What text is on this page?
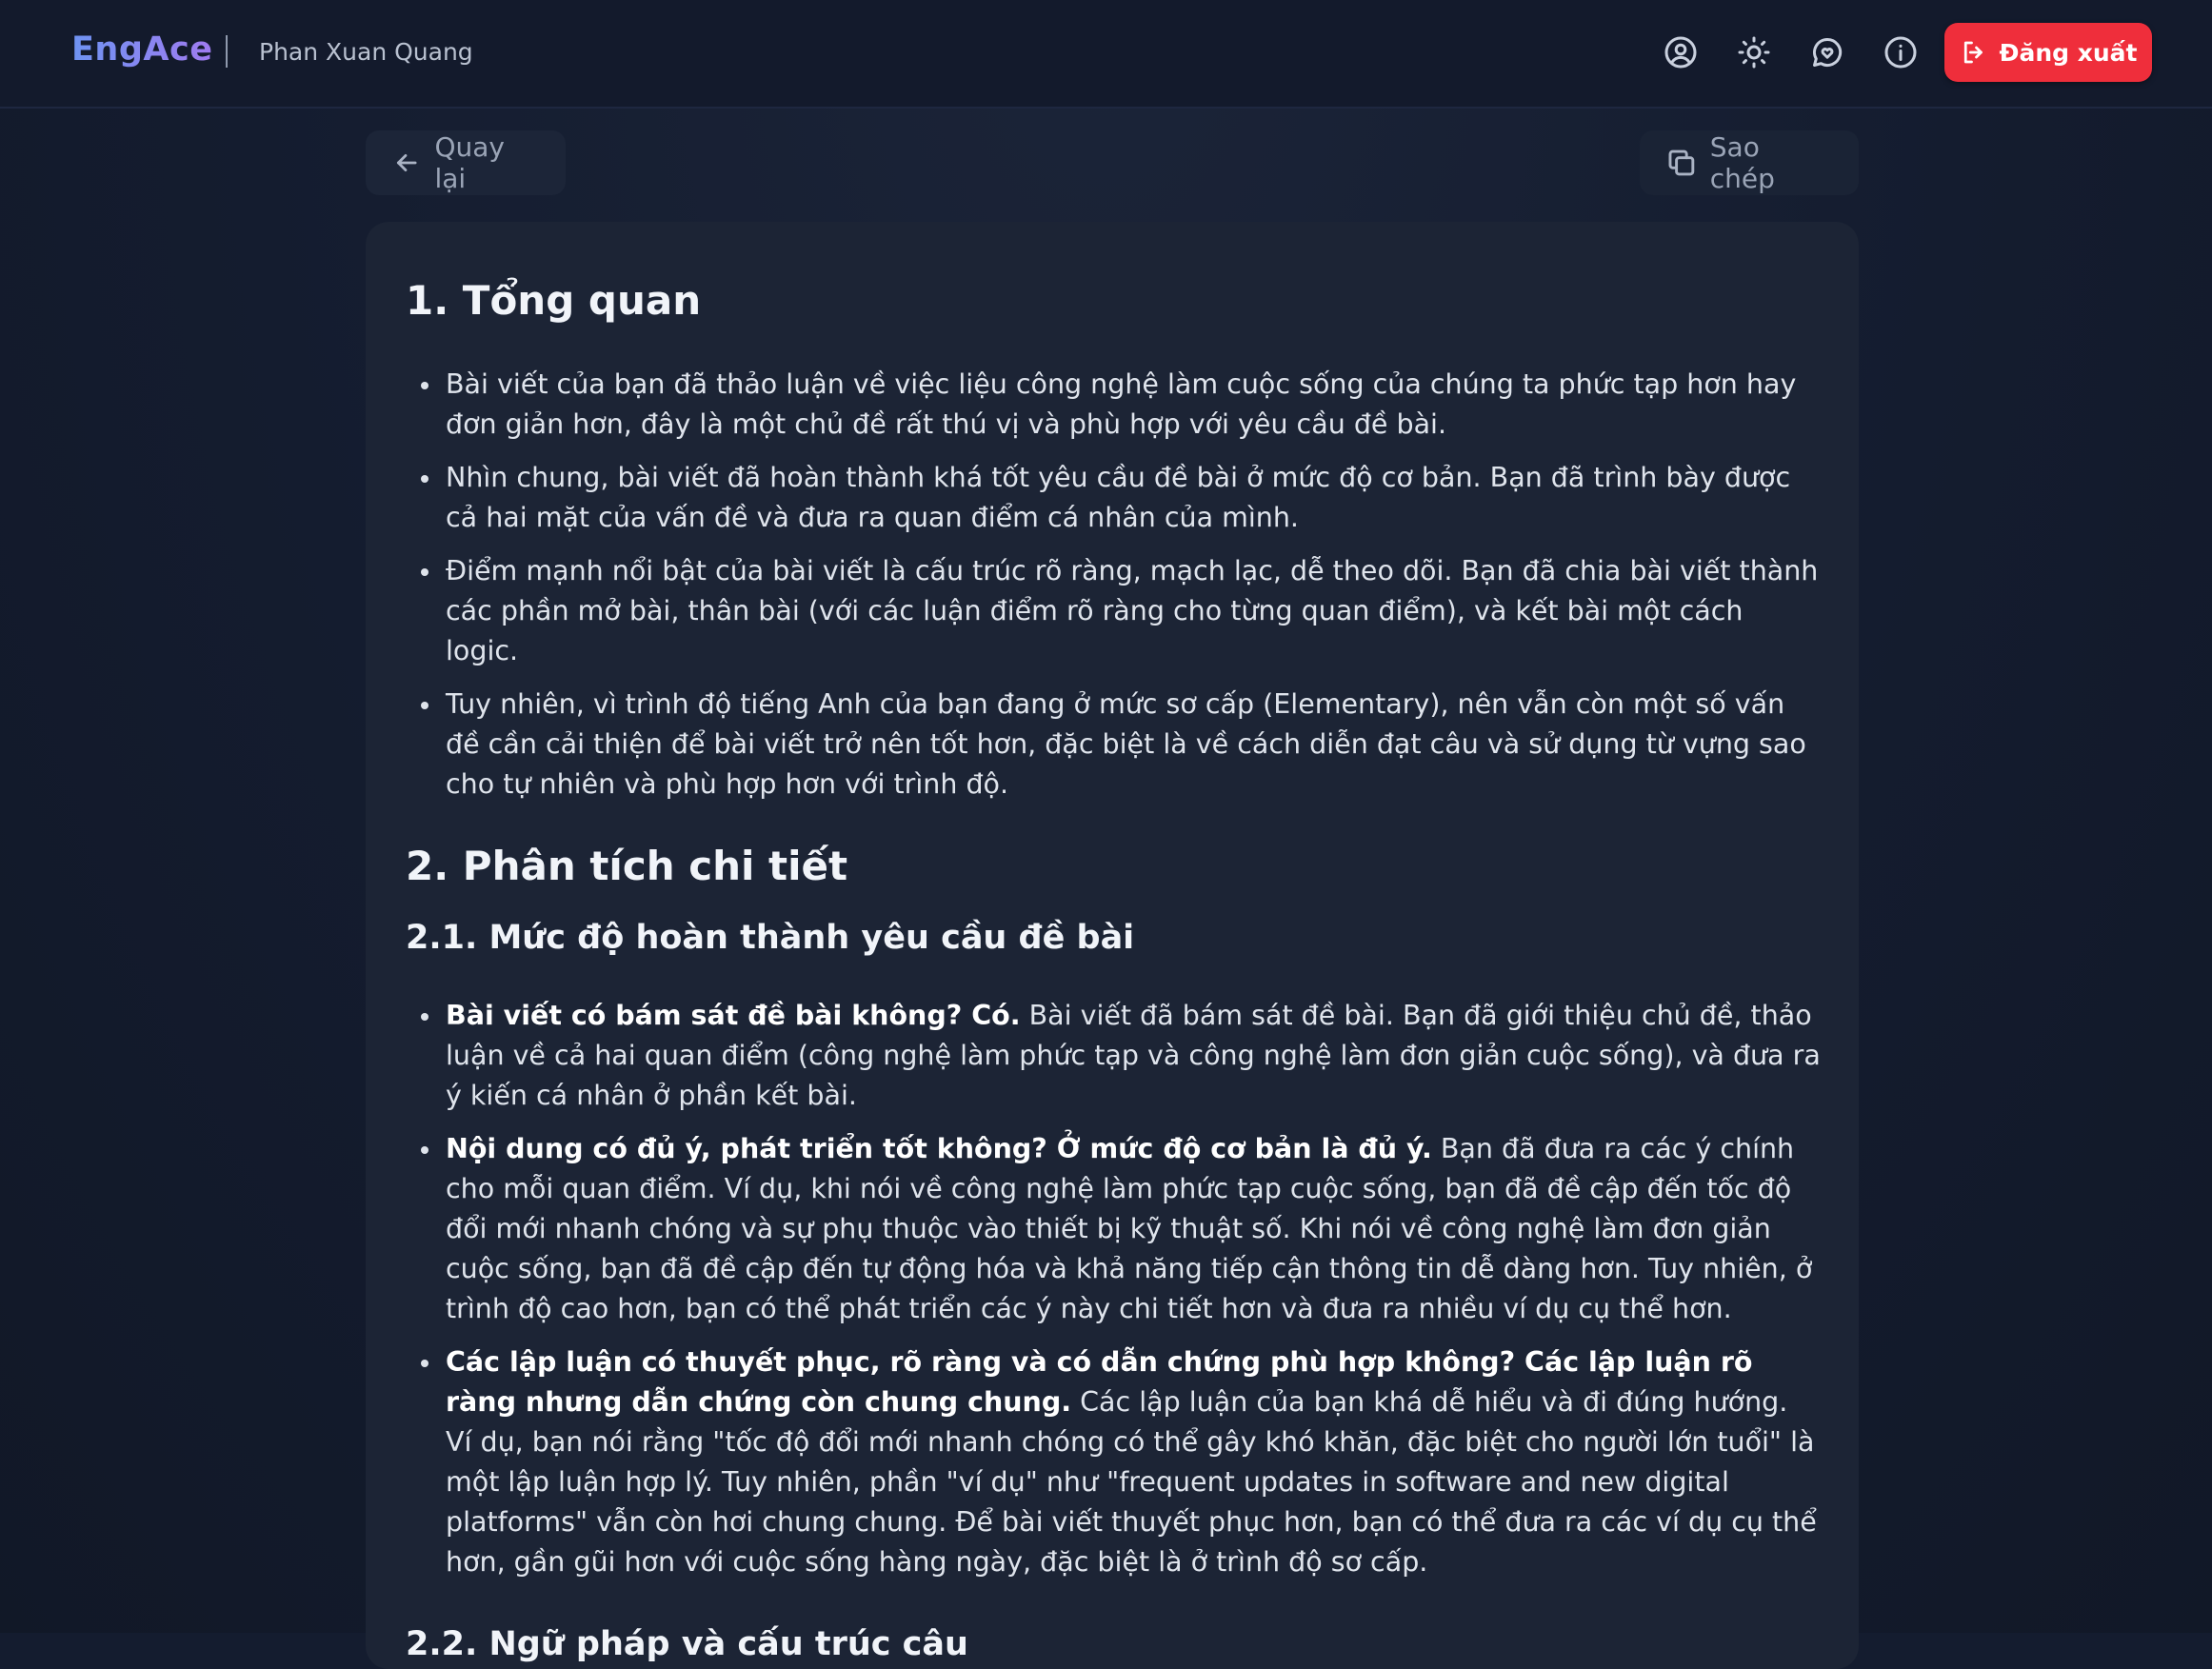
EngAce Phan Xuan Quang	Đăng xuất
Quay lại
Sao chép
1. Tổng quan
Bài viết của bạn đã thảo luận về việc liệu công nghệ làm cuộc sống của chúng ta phức tạp hơn hay đơn giản hơn, đây là một chủ đề rất thú vị và phù hợp với yêu cầu đề bài.
Nhìn chung, bài viết đã hoàn thành khá tốt yêu cầu đề bài ở mức độ cơ bản. Bạn đã trình bày được cả hai mặt của vấn đề và đưa ra quan điểm cá nhân của mình.
Điểm mạnh nổi bật của bài viết là cấu trúc rõ ràng, mạch lạc, dễ theo dõi. Bạn đã chia bài viết thành các phần mở bài, thân bài (với các luận điểm rõ ràng cho từng quan điểm), và kết bài một cách logic.
Tuy nhiên, vì trình độ tiếng Anh của bạn đang ở mức sơ cấp (Elementary), nên vẫn còn một số vấn đề cần cải thiện để bài viết trở nên tốt hơn, đặc biệt là về cách diễn đạt câu và sử dụng từ vựng sao cho tự nhiên và phù hợp hơn với trình độ.
2. Phân tích chi tiết
2.1. Mức độ hoàn thành yêu cầu đề bài
Bài viết có bám sát đề bài không? Có. Bài viết đã bám sát đề bài. Bạn đã giới thiệu chủ đề, thảo luận về cả hai quan điểm (công nghệ làm phức tạp và công nghệ làm đơn giản cuộc sống), và đưa ra ý kiến cá nhân ở phần kết bài.
Nội dung có đủ ý, phát triển tốt không? Ở mức độ cơ bản là đủ ý. Bạn đã đưa ra các ý chính cho mỗi quan điểm. Ví dụ, khi nói về công nghệ làm phức tạp cuộc sống, bạn đã đề cập đến tốc độ đổi mới nhanh chóng và sự phụ thuộc vào thiết bị kỹ thuật số. Khi nói về công nghệ làm đơn giản cuộc sống, bạn đã đề cập đến tự động hóa và khả năng tiếp cận thông tin dễ dàng hơn. Tuy nhiên, ở trình độ cao hơn, bạn có thể phát triển các ý này chi tiết hơn và đưa ra nhiều ví dụ cụ thể hơn.
Các lập luận có thuyết phục, rõ ràng và có dẫn chứng phù hợp không? Các lập luận rõ ràng nhưng dẫn chứng còn chung chung. Các lập luận của bạn khá dễ hiểu và đi đúng hướng. Ví dụ, bạn nói rằng "tốc độ đổi mới nhanh chóng có thể gây khó khăn, đặc biệt cho người lớn tuổi" là một lập luận hợp lý. Tuy nhiên, phần "ví dụ" như "frequent updates in software and new digital platforms" vẫn còn hơi chung chung. Để bài viết thuyết phục hơn, bạn có thể đưa ra các ví dụ cụ thể hơn, gần gũi hơn với cuộc sống hàng ngày, đặc biệt là ở trình độ sơ cấp.
2.2. Ngữ pháp và cấu trúc câu
